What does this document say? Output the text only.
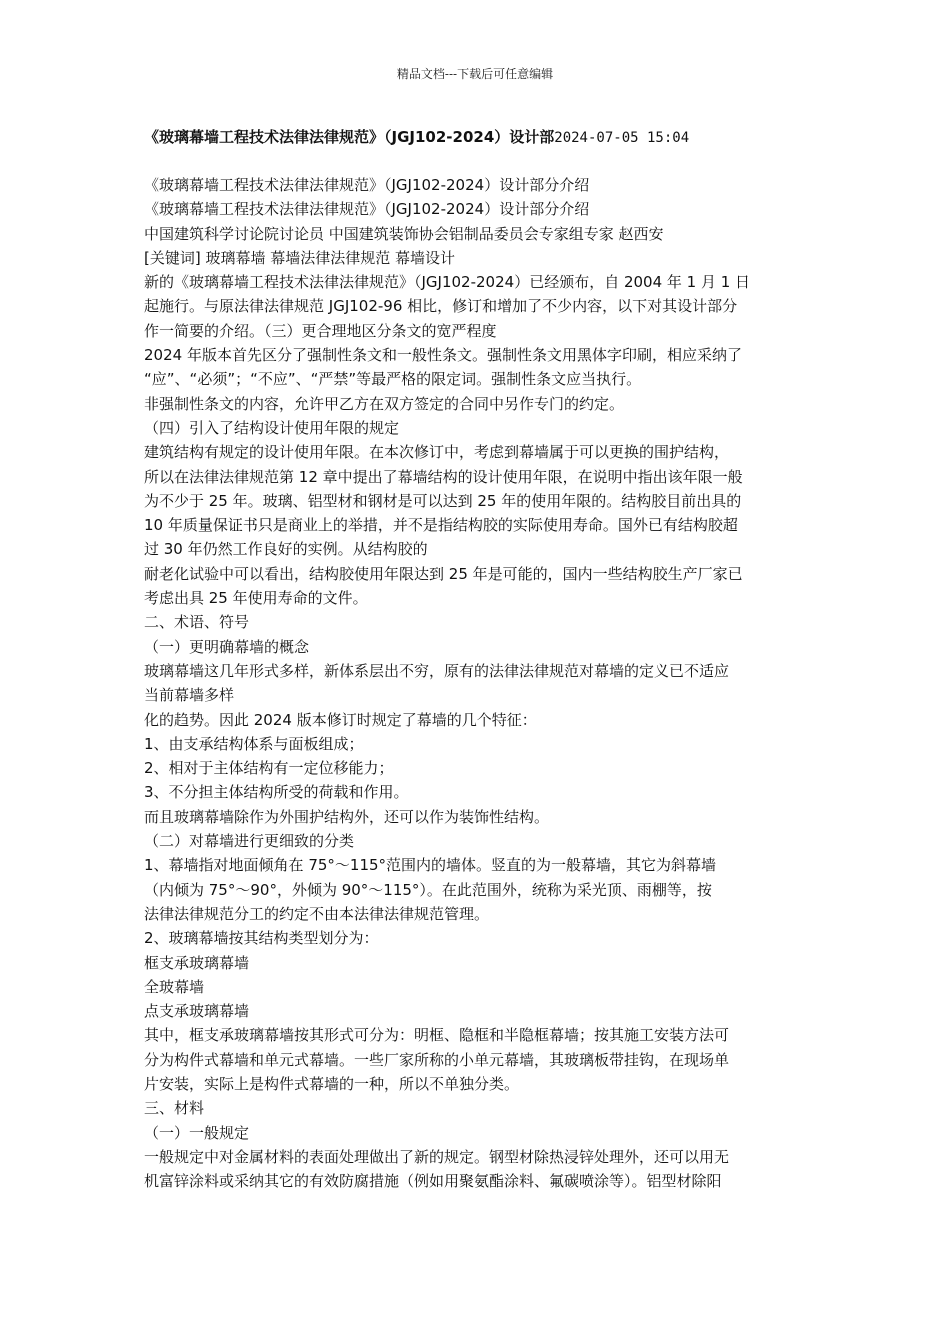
精品文档---下载后可任意编辑
《玻璃幕墙工程技术法律法律规范》（JGJ102-2024）设计部2024-07-05 15:04
《玻璃幕墙工程技术法律法律规范》（JGJ102-2024）设计部分介绍
《玻璃幕墙工程技术法律法律规范》（JGJ102-2024）设计部分介绍
中国建筑科学讨论院讨论员 中国建筑装饰协会铝制品委员会专家组专家 赵西安
[关键词] 玻璃幕墙 幕墙法律法律规范 幕墙设计
新的《玻璃幕墙工程技术法律法律规范》（JGJ102-2024）已经颁布，自 2004 年 1 月 1 日
起施行。与原法律法律规范 JGJ102-96 相比，修订和增加了不少内容，以下对其设计部分
作一简要的介绍。（三）更合理地区分条文的宽严程度
2024 年版本首先区分了强制性条文和一般性条文。强制性条文用黑体字印刷，相应采纳了
“应”、“必须”；“不应”、“严禁”等最严格的限定词。强制性条文应当执行。
非强制性条文的内容，允许甲乙方在双方签定的合同中另作专门的约定。
（四）引入了结构设计使用年限的规定
建筑结构有规定的设计使用年限。在本次修订中，考虑到幕墙属于可以更换的围护结构，
所以在法律法律规范第 12 章中提出了幕墙结构的设计使用年限，在说明中指出该年限一般
为不少于 25 年。玻璃、铝型材和钢材是可以达到 25 年的使用年限的。结构胶目前出具的
10 年质量保证书只是商业上的举措，并不是指结构胶的实际使用寿命。国外已有结构胶超
过 30 年仍然工作良好的实例。从结构胶的
耐老化试验中可以看出，结构胶使用年限达到 25 年是可能的，国内一些结构胶生产厂家已
考虑出具 25 年使用寿命的文件。
二、术语、符号
（一）更明确幕墙的概念
玻璃幕墙这几年形式多样，新体系层出不穷，原有的法律法律规范对幕墙的定义已不适应
当前幕墙多样
化的趋势。因此 2024 版本修订时规定了幕墙的几个特征：
1、由支承结构体系与面板组成；
2、相对于主体结构有一定位移能力；
3、不分担主体结构所受的荷载和作用。
而且玻璃幕墙除作为外围护结构外，还可以作为装饰性结构。
（二）对幕墙进行更细致的分类
1、幕墙指对地面倾角在 75°～115°范围内的墙体。竖直的为一般幕墙，其它为斜幕墙
（内倾为 75°～90°，外倾为 90°～115°）。在此范围外，统称为采光顶、雨棚等，按
法律法律规范分工的约定不由本法律法律规范管理。
2、玻璃幕墙按其结构类型划分为：
框支承玻璃幕墙
全玻幕墙
点支承玻璃幕墙
其中，框支承玻璃幕墙按其形式可分为：明框、隐框和半隐框幕墙；按其施工安装方法可
分为构件式幕墙和单元式幕墙。一些厂家所称的小单元幕墙，其玻璃板带挂钩，在现场单
片安装，实际上是构件式幕墙的一种，所以不单独分类。
三、材料
（一）一般规定
一般规定中对金属材料的表面处理做出了新的规定。钢型材除热浸锌处理外，还可以用无
机富锌涂料或采纳其它的有效防腐措施（例如用聚氨酯涂料、氟碳喷涂等）。铝型材除阳
